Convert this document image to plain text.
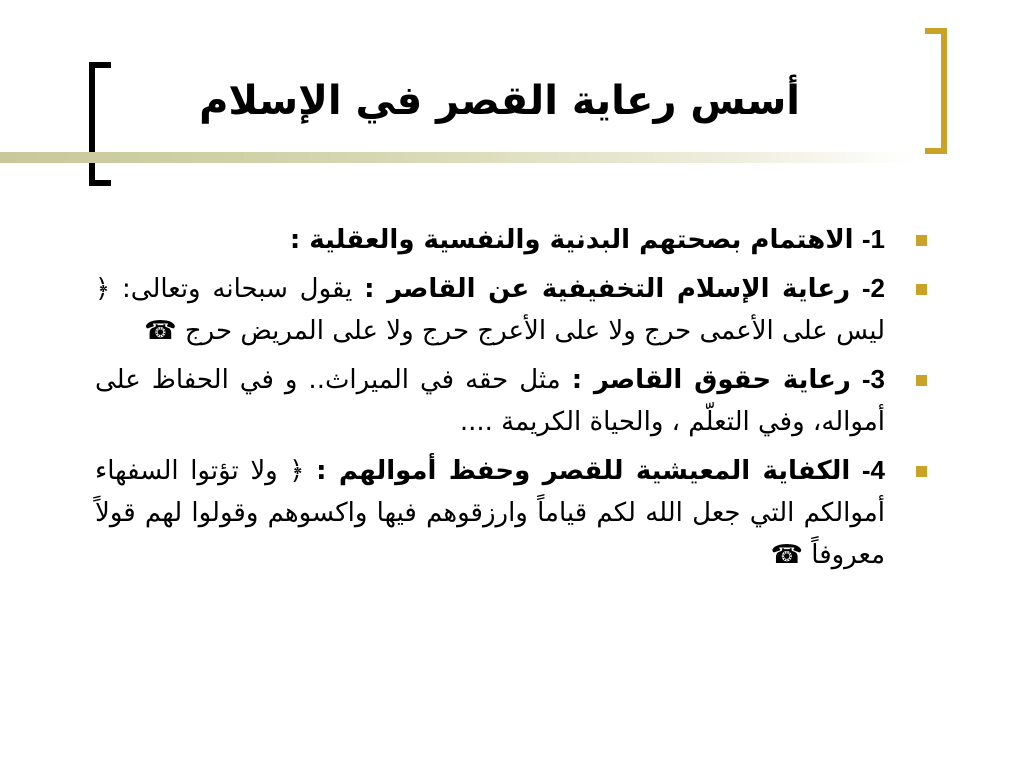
أسس رعاية القصر في الإسلام
1- الاهتمام بصحتهم البدنية والنفسية والعقلية :
2- رعاية الإسلام التخفيفية عن القاصر : يقول سبحانه وتعالى: ﴿ ليس على الأعمى حرج ولا على الأعرج حرج ولا على المريض حرج ☎
3- رعاية حقوق القاصر : مثل حقه في الميراث.. و في الحفاظ على أمواله، وفي التعلّم ، والحياة الكريمة ....
4- الكفاية المعيشية للقصر وحفظ أموالهم : ﴿ ولا تؤتوا السفهاء أموالكم التي جعل الله لكم قياماً وارزقوهم فيها واكسوهم وقولوا لهم قولاً معروفاً ☎
